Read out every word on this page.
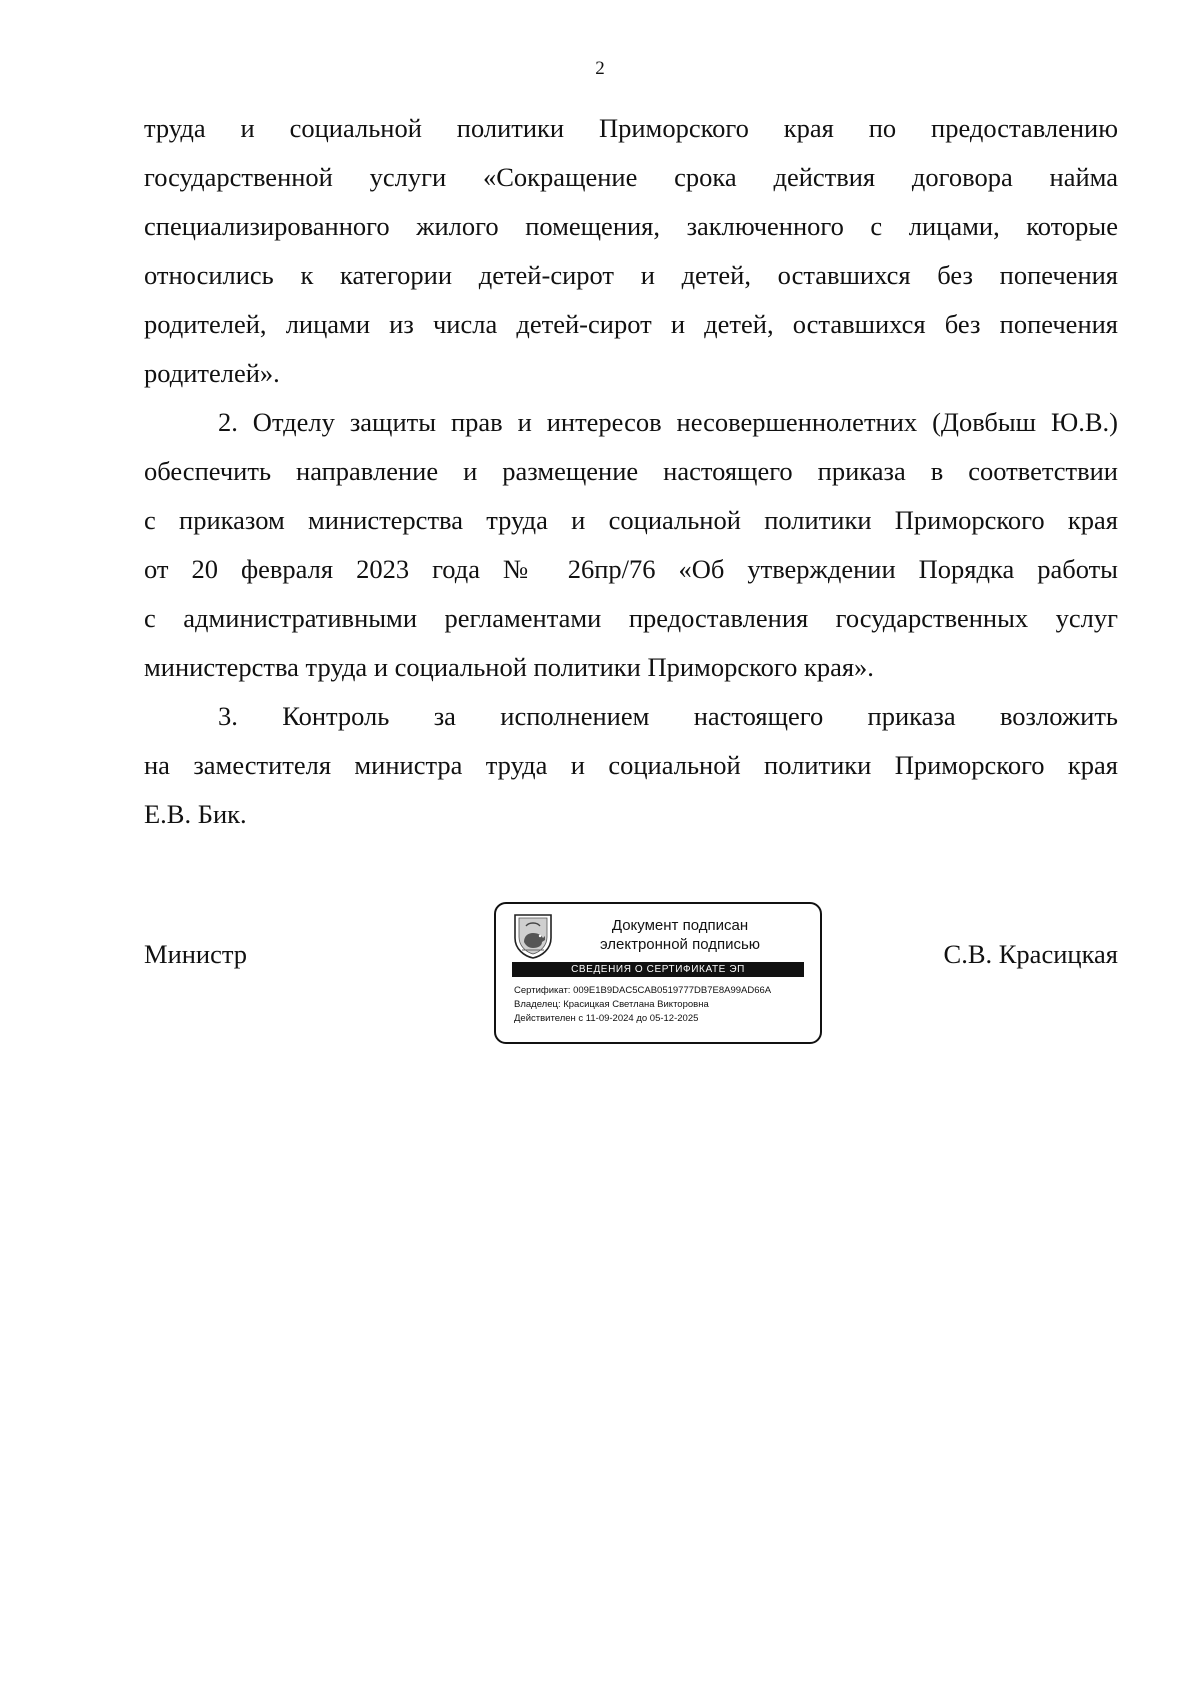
2
труда и социальной политики Приморского края по предоставлению
государственной услуги «Сокращение срока действия договора найма
специализированного жилого помещения, заключенного с лицами, которые
относились к категории детей-сирот и детей, оставшихся без попечения
родителей, лицами из числа детей-сирот и детей, оставшихся без попечения
родителей».
2. Отделу защиты прав и интересов несовершеннолетних (Довбыш Ю.В.)
обеспечить направление и размещение настоящего приказа в соответствии
с приказом министерства труда и социальной политики Приморского края
от 20 февраля 2023 года № 26пр/76 «Об утверждении Порядка работы
с административными регламентами предоставления государственных услуг
министерства труда и социальной политики Приморского края».
3. Контроль за исполнением настоящего приказа возложить
на заместителя министра труда и социальной политики Приморского края
Е.В. Бик.
Министр
Документ подписан
электронной подписью
СВЕДЕНИЯ О СЕРТИФИКАТЕ ЭП
Сертификат: 009E1B9DAC5CAB0519777DB7E8A99AD66A
Владелец: Красицкая Светлана Викторовна
Действителен с 11-09-2024 до 05-12-2025
С.В. Красицкая
